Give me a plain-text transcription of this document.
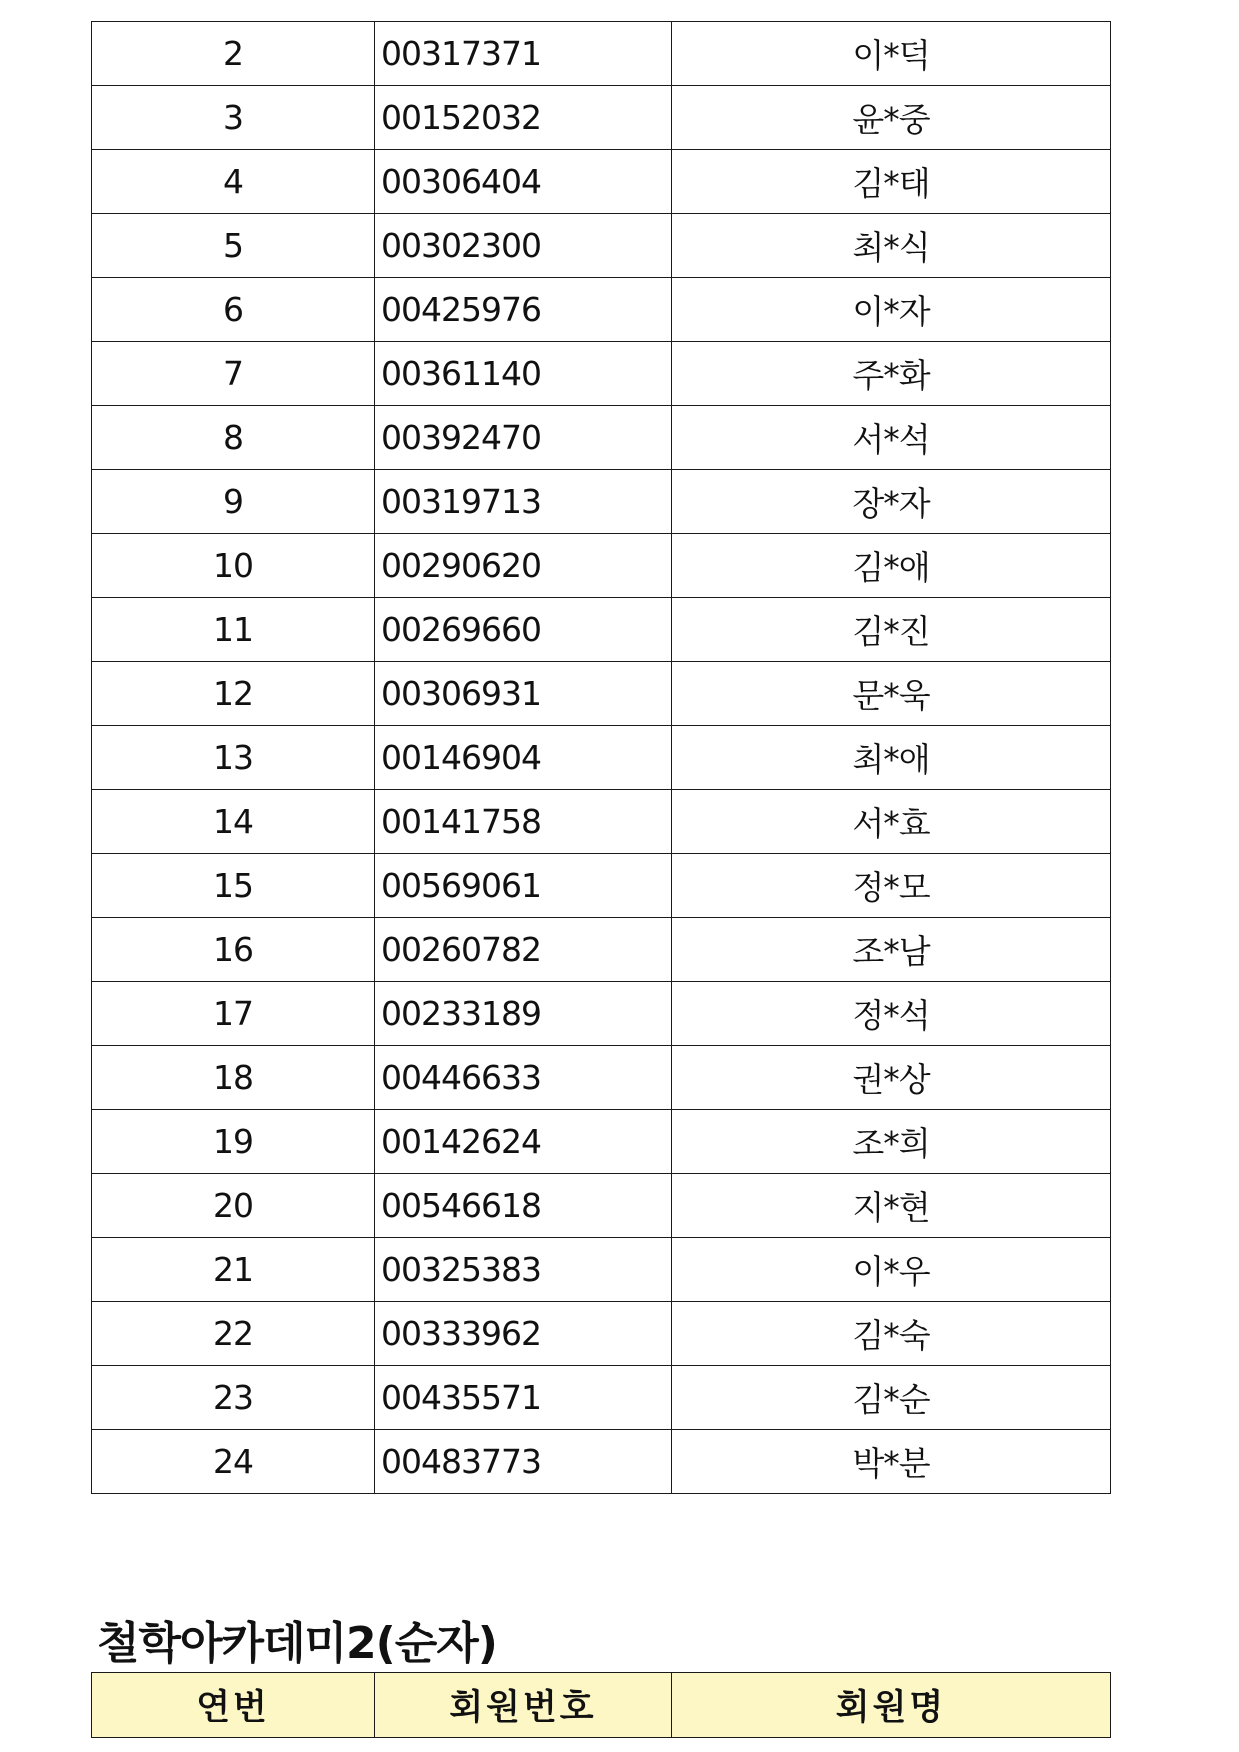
2	00317371	이*덕
3	00152032	윤*중
4	00306404	김*태
5	00302300	최*식
6	00425976	이*자
7	00361140	주*화
8	00392470	서*석
9	00319713	장*자
10	00290620	김*애
11	00269660	김*진
12	00306931	문*욱
13	00146904	최*애
14	00141758	서*효
15	00569061	정*모
16	00260782	조*남
17	00233189	정*석
18	00446633	권*상
19	00142624	조*희
20	00546618	지*현
21	00325383	이*우
22	00333962	김*숙
23	00435571	김*순
24	00483773	박*분
철학아카데미2(순자)
연번	회원번호	회원명
